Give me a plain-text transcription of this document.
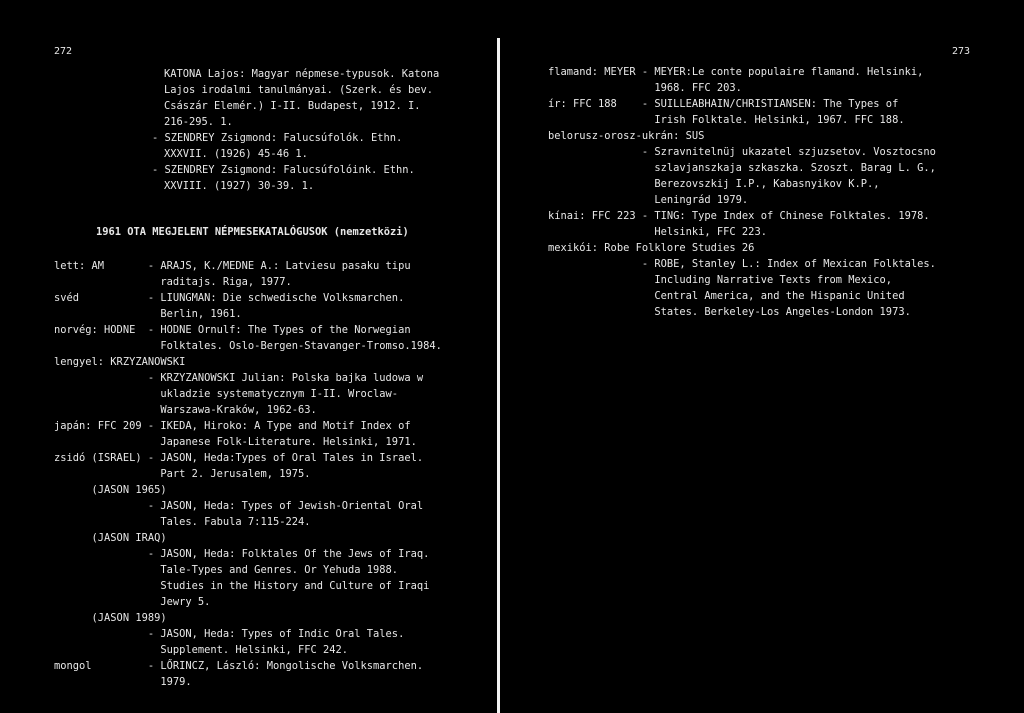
272
KATONA Lajos: Magyar népmese-typusok. Katona
Lajos irodalmi tanulmányai. (Szerk. és bev.
Császár Elemér.) I-II. Budapest, 1912. I.
216-295. 1.
- SZENDREY Zsigmond: Falucsúfolók. Ethn.
XXXVII. (1926) 45-46 1.
- SZENDREY Zsigmond: Falucsúfolóink. Ethn.
XXVIII. (1927) 30-39. 1.
1961 OTA MEGJELENT NÉPMESEKATALÓGUSOK (nemzetközi)
lett: AM       - ARAJS, K./MEDNE A.: Latviesu pasaku tipu
raditajs. Riga, 1977.
svéd           - LIUNGMAN: Die schwedische Volksmarchen.
Berlin, 1961.
norvég: HODNE  - HODNE Ornulf: The Types of the Norwegian
Folktales. Oslo-Bergen-Stavanger-Tromso.1984.
lengyel: KRZYZANOWSKI
- KRZYZANOWSKI Julian: Polska bajka ludowa w
ukladzie systematycznym I-II. Wroclaw-
Warszawa-Kraków, 1962-63.
japán: FFC 209 - IKEDA, Hiroko: A Type and Motif Index of
Japanese Folk-Literature. Helsinki, 1971.
zsidó (ISRAEL) - JASON, Heda:Types of Oral Tales in Israel.
Part 2. Jerusalem, 1975.
(JASON 1965)
- JASON, Heda: Types of Jewish-Oriental Oral
Tales. Fabula 7:115-224.
(JASON IRAQ)
- JASON, Heda: Folktales Of the Jews of Iraq.
Tale-Types and Genres. Or Yehuda 1988.
Studies in the History and Culture of Iraqi
Jewry 5.
(JASON 1989)
- JASON, Heda: Types of Indic Oral Tales.
Supplement. Helsinki, FFC 242.
mongol         - LŐRINCZ, László: Mongolische Volksmarchen.
1979.
273
flamand: MEYER - MEYER:Le conte populaire flamand. Helsinki,
1968. FFC 203.
ír: FFC 188    - SUILLEABHAIN/CHRISTIANSEN: The Types of
Irish Folktale. Helsinki, 1967. FFC 188.
belorusz-orosz-ukrán: SUS
- Szravnitelnüj ukazatel szjuzsetov. Vosztocsno
szlavjanszkaja szkaszka. Szoszt. Barag L. G.,
Berezovszkij I.P., Kabasnyikov K.P.,
Leningrád 1979.
kínai: FFC 223 - TING: Type Index of Chinese Folktales. 1978.
Helsinki, FFC 223.
mexikói: Robe Folklore Studies 26
- ROBE, Stanley L.: Index of Mexican Folktales.
Including Narrative Texts from Mexico,
Central America, and the Hispanic United
States. Berkeley-Los Angeles-London 1973.
